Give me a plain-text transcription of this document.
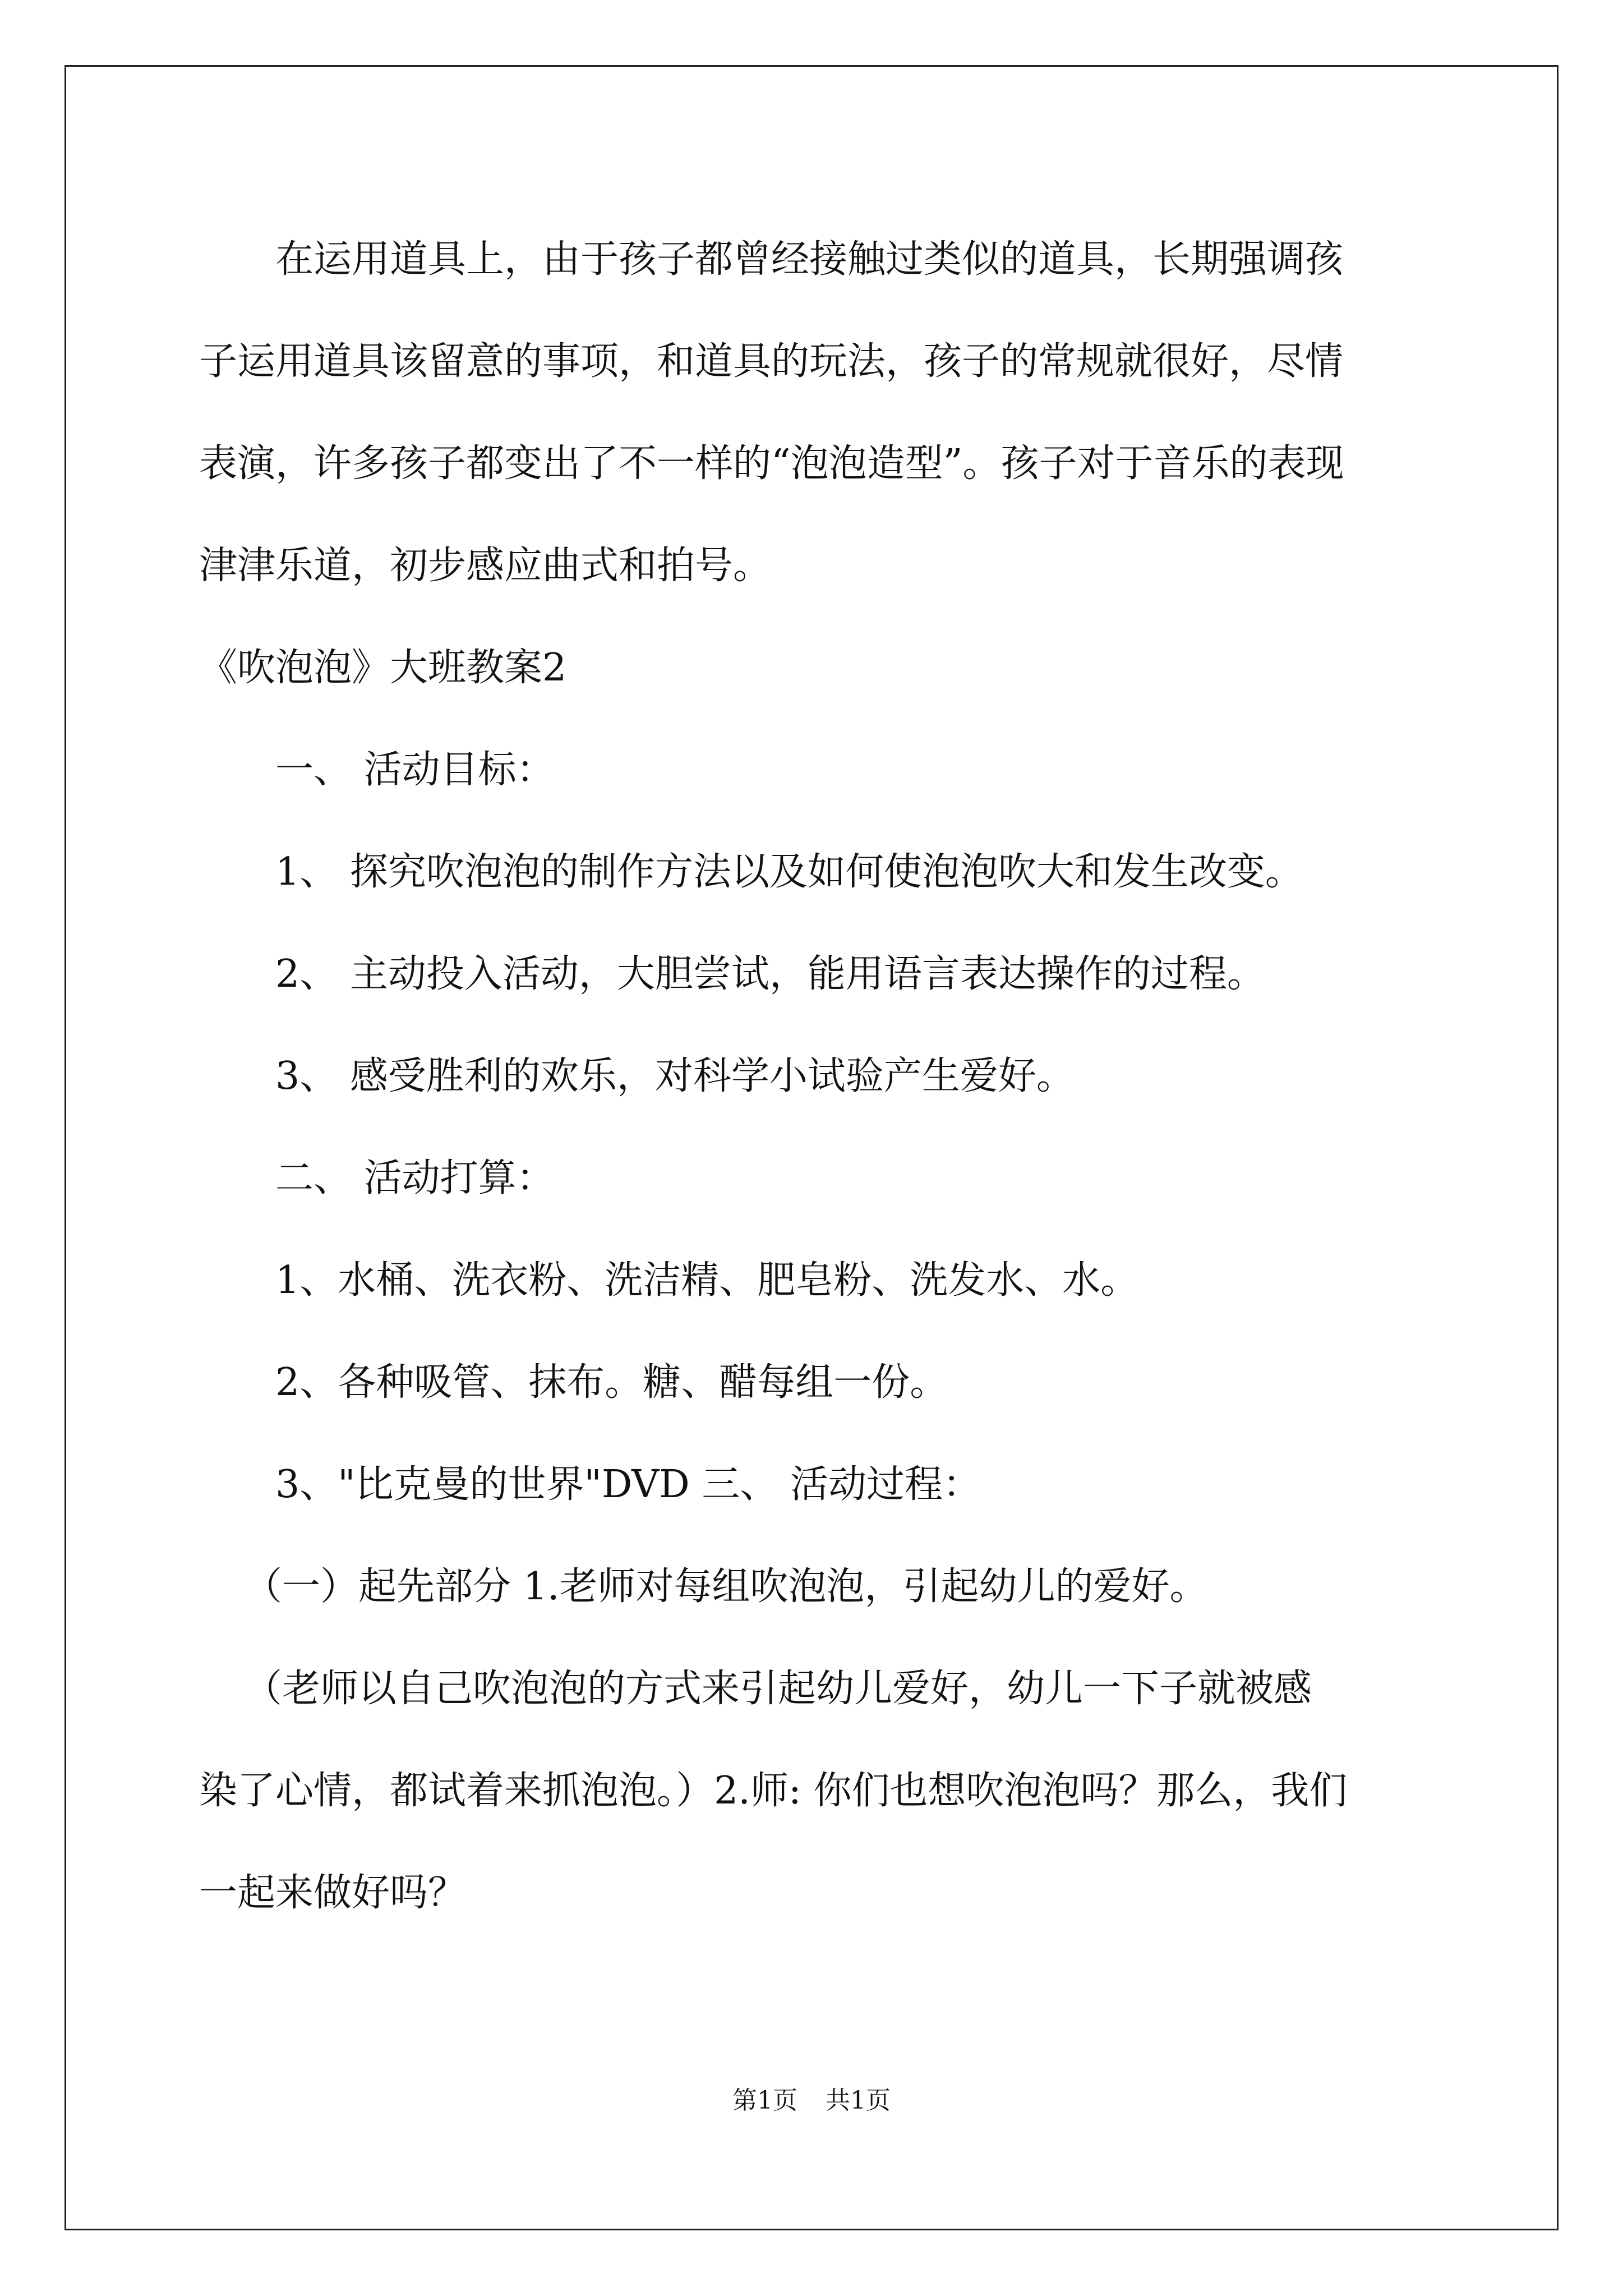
在运用道具上，由于孩子都曾经接触过类似的道具，长期强调孩

子运用道具该留意的事项，和道具的玩法，孩子的常规就很好，尽情

表演，许多孩子都变出了不一样的“泡泡造型”。孩子对于音乐的表现

津津乐道，初步感应曲式和拍号。

《吹泡泡》大班教案2

一、 活动目标：

1、 探究吹泡泡的制作方法以及如何使泡泡吹大和发生改变。

2、 主动投入活动，大胆尝试，能用语言表达操作的过程。

3、 感受胜利的欢乐，对科学小试验产生爱好。

二、 活动打算：

1、水桶、洗衣粉、洗洁精、肥皂粉、洗发水、水。

2、各种吸管、抹布。糖、醋每组一份。

3、"比克曼的世界"DVD 三、 活动过程：

（一）起先部分 1.老师对每组吹泡泡，引起幼儿的爱好。

（老师以自己吹泡泡的方式来引起幼儿爱好，幼儿一下子就被感

染了心情，都试着来抓泡泡。）2.师: 你们也想吹泡泡吗？那么，我们

一起来做好吗？

第1页 共1页
